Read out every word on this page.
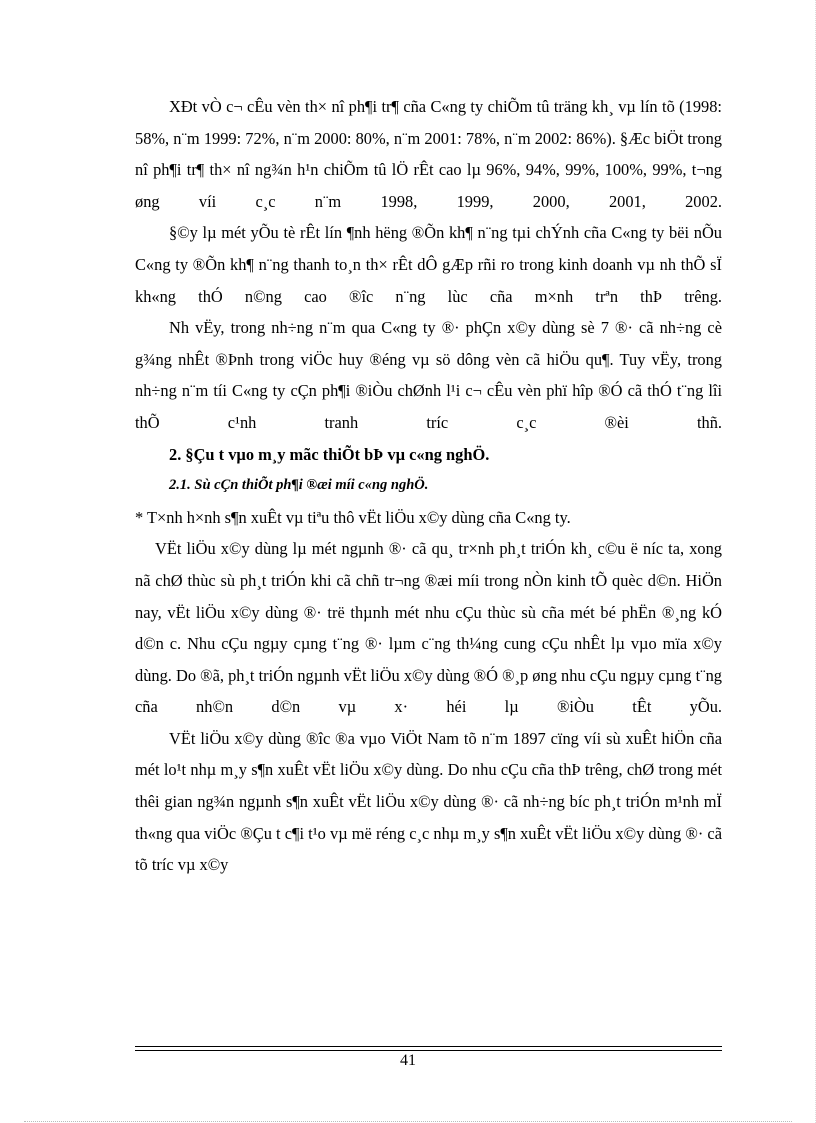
XÐt vÒ c¬ cÊu vèn th× nî ph¶i tr¶ cña C«ng ty chiÕm tû träng kh¸ vµ lín tõ (1998: 58%, n¨m 1999: 72%, n¨m 2000: 80%, n¨m 2001: 78%, n¨m 2002: 86%). §Æc biÖt trong nî ph¶i tr¶ th× nî ng¾n h¹n chiÕm tû lÖ rÊt cao lµ 96%, 94%, 99%, 100%, 99%, t¬ng øng víi c¸c n¨m 1998, 1999, 2000, 2001, 2002.

§©y lµ mét yÕu tè rÊt lín ¶nh hëng ®Õn kh¶ n¨ng tµi chÝnh cña C«ng ty bëi nÕu C«ng ty ®Õn kh¶ n¨ng thanh to¸n th× rÊt dÔ gÆp rñi ro trong kinh doanh vµ nh thÕ sÏ kh«ng thÓ n©ng cao ®îc n¨ng lùc cña m×nh trªn thÞ trêng.

Nh vËy, trong nh÷ng n¨m qua C«ng ty ®· phÇn x©y dùng sè 7 ®· cã nh÷ng cè g¾ng nhÊt ®Þnh trong viÖc huy ®éng vµ sö dông vèn cã hiÖu qu¶. Tuy vËy, trong nh÷ng n¨m tíi C«ng ty cÇn ph¶i ®iÒu chØnh l¹i c¬ cÊu vèn phï hîp ®Ó cã thÓ t¨ng lîi thÕ c¹nh tranh tríc c¸c ®èi thñ.

2. §Çu t vµo m¸y mãc thiÕt bÞ vµ c«ng nghÖ.

2.1. Sù cÇn thiÕt ph¶i ®æi míi c«ng nghÖ.

* T×nh h×nh s¶n xuÊt vµ tiªu thô vËt liÖu x©y dùng cña C«ng ty.

VËt liÖu x©y dùng lµ mét ngµnh ®· cã qu¸ tr×nh ph¸t triÓn kh¸ c©u ë níc ta, xong nã chØ thùc sù ph¸t triÓn khi cã chñ tr¬ng ®æi míi trong nÒn kinh tÕ quèc d©n. HiÖn nay, vËt liÖu x©y dùng ®· trë thµnh mét nhu cÇu thùc sù cña mét bé phËn ®¸ng kÓ d©n c. Nhu cÇu ngµy cµng t¨ng ®· lµm c¨ng th¼ng cung cÇu nhÊt lµ vµo mïa x©y dùng. Do ®ã, ph¸t triÓn ngµnh vËt liÖu x©y dùng ®Ó ®¸p øng nhu cÇu ngµy cµng t¨ng cña nh©n d©n vµ x· héi lµ ®iÒu tÊt yÕu.

VËt liÖu x©y dùng ®îc ®a vµo ViÖt Nam tõ n¨m 1897 cïng víi sù xuÊt hiÖn cña mét lo¹t nhµ m¸y s¶n xuÊt vËt liÖu x©y dùng. Do nhu cÇu cña thÞ trêng, chØ trong mét thêi gian ng¾n ngµnh s¶n xuÊt vËt liÖu x©y dùng ®· cã nh÷ng bíc ph¸t triÓn m¹nh mÏ th«ng qua viÖc ®Çu t c¶i t¹o vµ më réng c¸c nhµ m¸y s¶n xuÊt vËt liÖu x©y dùng ®· cã tõ tríc vµ x©y

41
